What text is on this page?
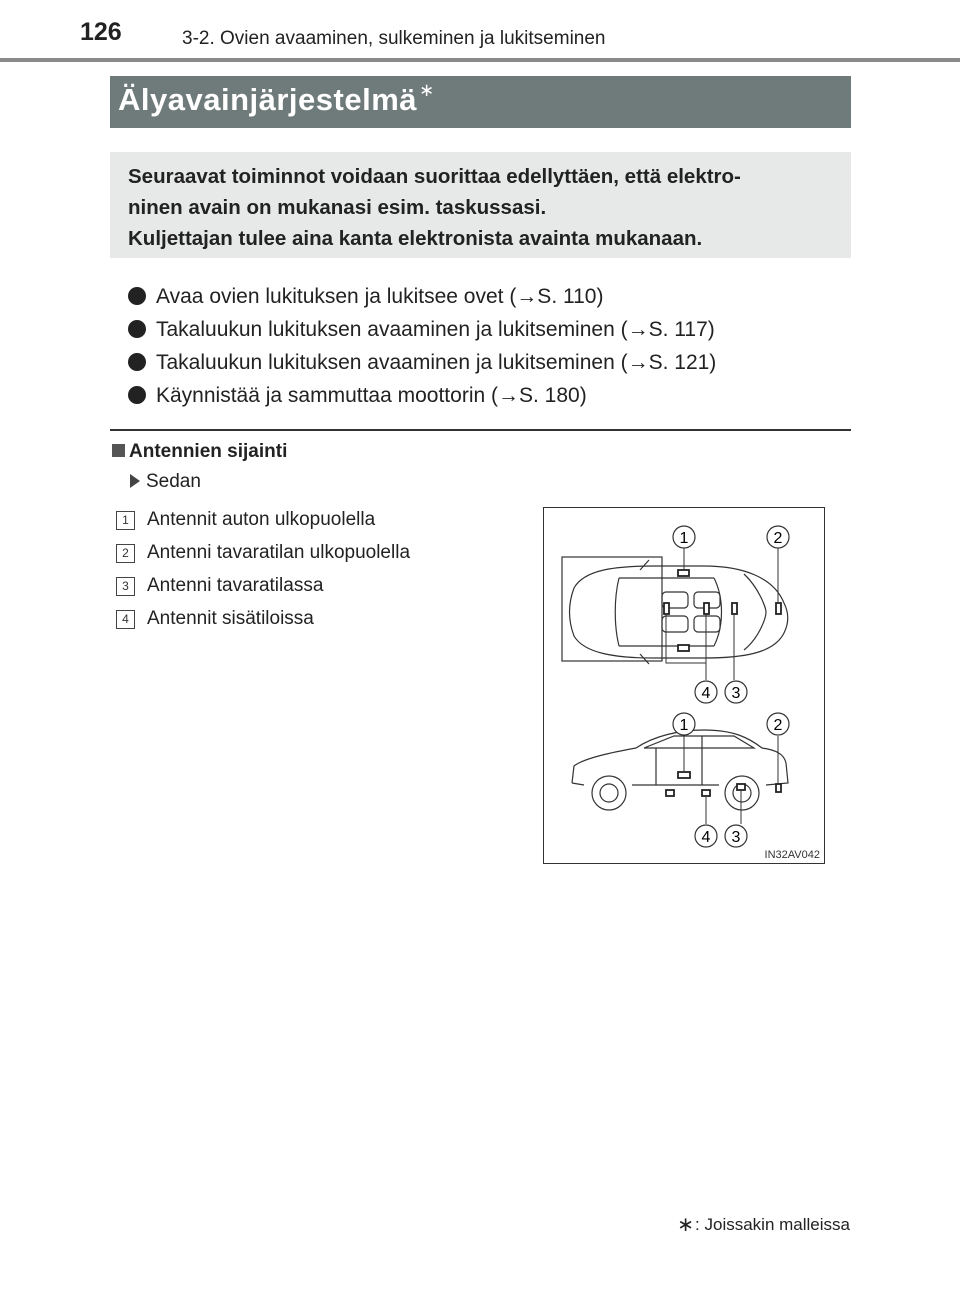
126	3-2. Ovien avaaminen, sulkeminen ja lukitseminen
Älyavainjärjestelmä ∗

Seuraavat toiminnot voidaan suorittaa edellyttäen, että elektro-

ninen avain on mukanasi esim. taskussasi.

Kuljettajan tulee aina kanta elektronista avainta mukanaan.

Avaa ovien lukituksen ja lukitsee ovet (→S. 110)
Takaluukun lukituksen avaaminen ja lukitseminen (→S. 117)
Takaluukun lukituksen avaaminen ja lukitseminen (→S. 121)
Käynnistää ja sammuttaa moottorin (→S. 180)
Antennien sijainti
Sedan
1 Antennit auton ulkopuolella
2 Antenni tavaratilan ulkopuolella
3 Antenni tavaratilassa
4 Antennit sisätiloissa
1	2
4 3
1	2
4 3
IN32AV042
∗: Joissakin malleissa
